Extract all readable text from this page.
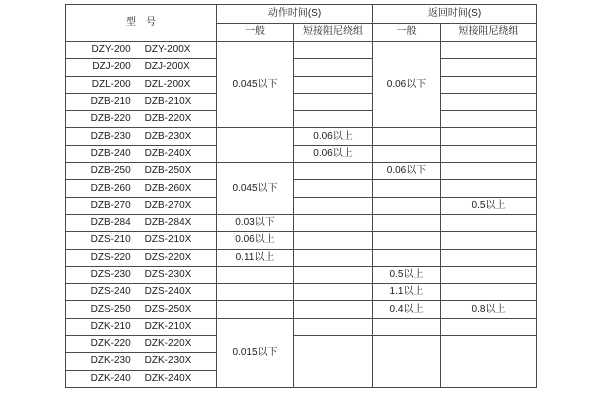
型　号	动作时间(S)		返回时间(S)	
	一般	短接阻尼绕组	一般	短接阻尼绕组
DZY-200 DZY-200X	0.045以下		0.06以下	
DZJ-200 DZJ-200X				
DZL-200 DZL-200X				
DZB-210 DZB-210X				
DZB-220 DZB-220X				
DZB-230 DZB-230X		0.06以上		
DZB-240 DZB-240X		0.06以上		
DZB-250 DZB-250X	0.045以下		0.06以下	
DZB-260 DZB-260X				
DZB-270 DZB-270X				0.5以上
DZB-284 DZB-284X	0.03以下			
DZS-210 DZS-210X	0.06以上			
DZS-220 DZS-220X	0.11以上			
DZS-230 DZS-230X			0.5以上	
DZS-240 DZS-240X			1.1以上	
DZS-250 DZS-250X			0.4以上	0.8以上
DZK-210 DZK-210X	0.015以下			
DZK-220 DZK-220X				
DZK-230 DZK-230X				
DZK-240 DZK-240X				
